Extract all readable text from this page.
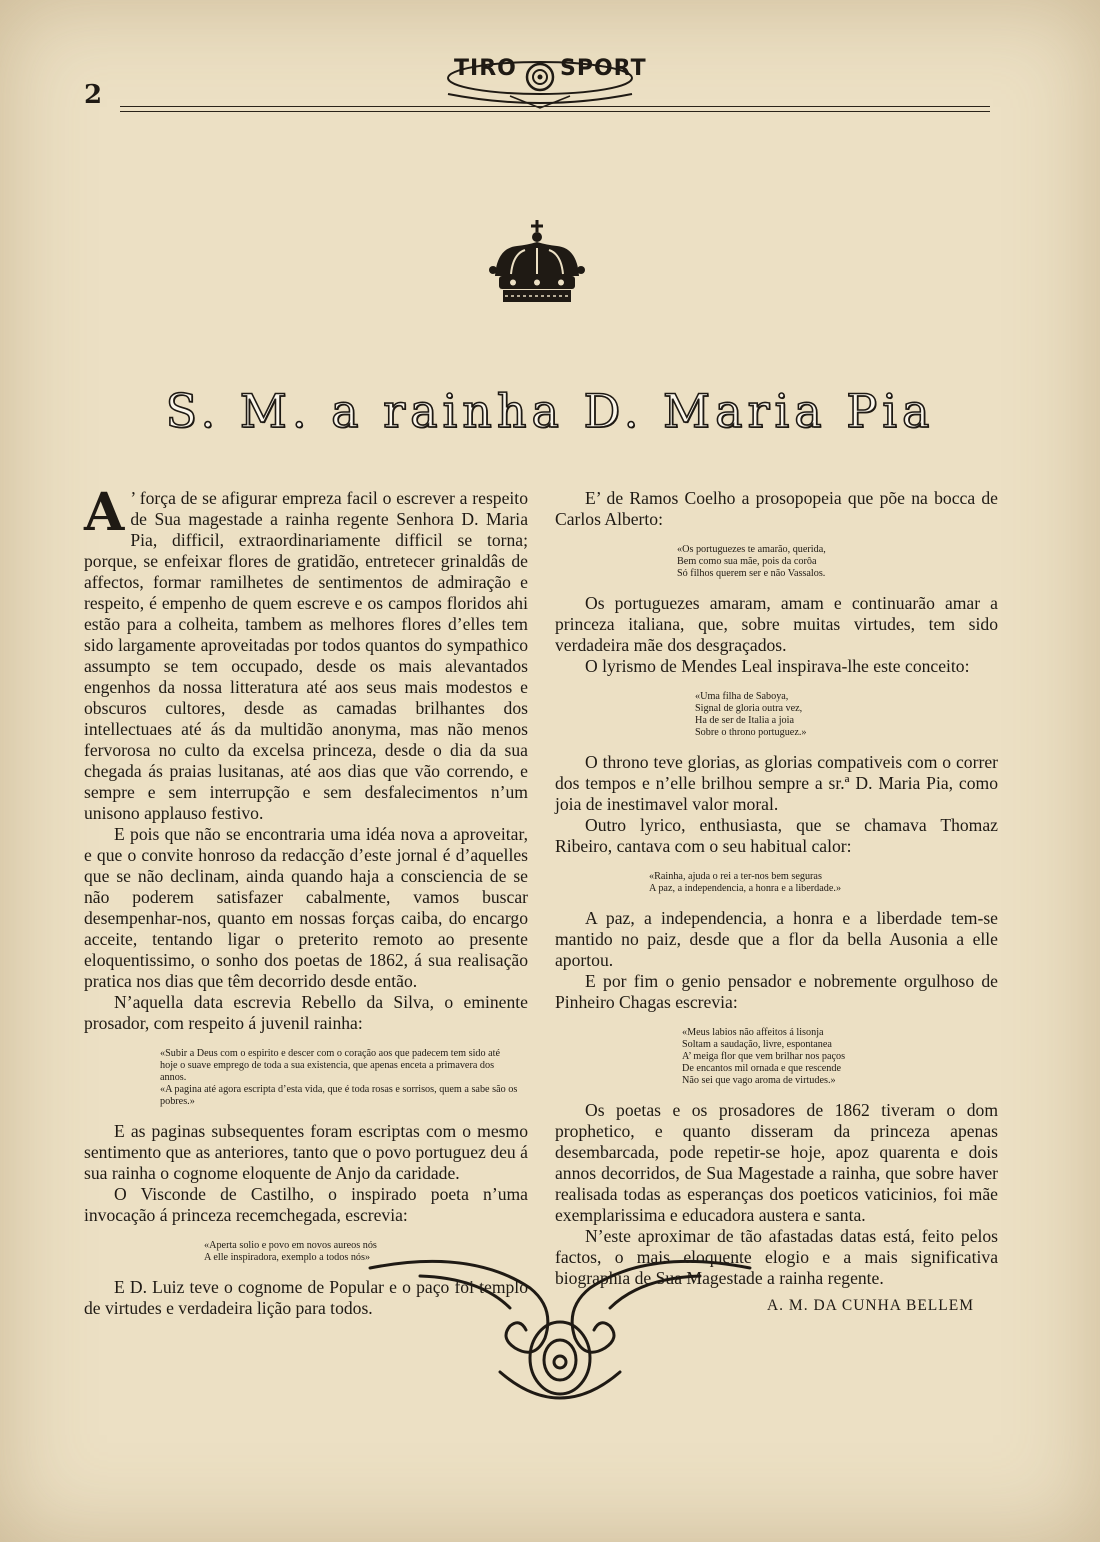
2
TIRO SPORT
S. M. a rainha D. Maria Pia

A ’ força de se afigurar empreza facil o escrever a respeito de Sua magestade a rainha regente Senhora D. Maria Pia, difficil, extraordinariamente difficil se torna; porque, se enfeixar flores de gratidão, entretecer grinaldâs de affectos, formar ramilhetes de sentimentos de admiração e respeito, é empenho de quem escreve e os campos floridos ahi estão para a colheita, tambem as melhores flores d’elles tem sido largamente aproveitadas por todos quantos do sympathico assumpto se tem occupado, desde os mais alevantados engenhos da nossa litteratura até aos seus mais modestos e obscuros cultores, desde as camadas brilhantes dos intellectuaes até ás da multidão anonyma, mas não menos fervorosa no culto da excelsa princeza, desde o dia da sua chegada ás praias lusitanas, até aos dias que vão correndo, e sempre e sem interrupção e sem desfalecimentos n’um unisono applauso festivo.

E pois que não se encontraria uma idéa nova a aproveitar, e que o convite honroso da redacção d’este jornal é d’aquelles que se não declinam, ainda quando haja a consciencia de se não poderem satisfazer cabalmente, vamos buscar desempenhar-nos, quanto em nossas forças caiba, do encargo acceite, tentando ligar o preterito remoto ao presente eloquentissimo, o sonho dos poetas de 1862, á sua realisação pratica nos dias que têm decorrido desde então.

N’aquella data escrevia Rebello da Silva, o eminente prosador, com respeito á juvenil rainha:

«Subir a Deus com o espirito e descer com o coração aos que padecem tem sido até hoje o suave emprego de toda a sua existencia, que apenas enceta a primavera dos annos.
«A pagina até agora escripta d’esta vida, que é toda rosas e sorrisos, quem a sabe são os pobres.»

E as paginas subsequentes foram escriptas com o mesmo sentimento que as anteriores, tanto que o povo portuguez deu á sua rainha o cognome eloquente de Anjo da caridade.

O Visconde de Castilho, o inspirado poeta n’uma invocação á princeza recemchegada, escrevia:

«Aperta solio e povo em novos aureos nós
A elle inspiradora, exemplo a todos nós»

E D. Luiz teve o cognome de Popular e o paço foi templo de virtudes e verdadeira lição para todos.

E’ de Ramos Coelho a prosopopeia que põe na bocca de Carlos Alberto:

«Os portuguezes te amarão, querida,
Bem como sua mãe, pois da corôa
Só filhos querem ser e não Vassalos.

Os portuguezes amaram, amam e continuarão amar a princeza italiana, que, sobre muitas virtudes, tem sido verdadeira mãe dos desgraçados.

O lyrismo de Mendes Leal inspirava-lhe este conceito:

«Uma filha de Saboya,
Signal de gloria outra vez,
Ha de ser de Italia a joia
Sobre o throno portuguez.»

O throno teve glorias, as glorias compativeis com o correr dos tempos e n’elle brilhou sempre a sr.ª D. Maria Pia, como joia de inestimavel valor moral.

Outro lyrico, enthusiasta, que se chamava Thomaz Ribeiro, cantava com o seu habitual calor:

«Rainha, ajuda o rei a ter-nos bem seguras
A paz, a independencia, a honra e a liberdade.»

A paz, a independencia, a honra e a liberdade tem-se mantido no paiz, desde que a flor da bella Ausonia a elle aportou.

E por fim o genio pensador e nobremente orgulhoso de Pinheiro Chagas escrevia:

«Meus labios não affeitos á lisonja
Soltam a saudação, livre, espontanea
A’ meiga flor que vem brilhar nos paços
De encantos mil ornada e que rescende
Não sei que vago aroma de virtudes.»

Os poetas e os prosadores de 1862 tiveram o dom prophetico, e quanto disseram da princeza apenas desembarcada, pode repetir-se hoje, apoz quarenta e dois annos decorridos, de Sua Magestade a rainha, que sobre haver realisada todas as esperanças dos poeticos vaticinios, foi mãe exemplarissima e educadora austera e santa.

N’este aproximar de tão afastadas datas está, feito pelos factos, o mais eloquente elogio e a mais significativa biographia de Sua Magestade a rainha regente.

A. M. DA CUNHA BELLEM
